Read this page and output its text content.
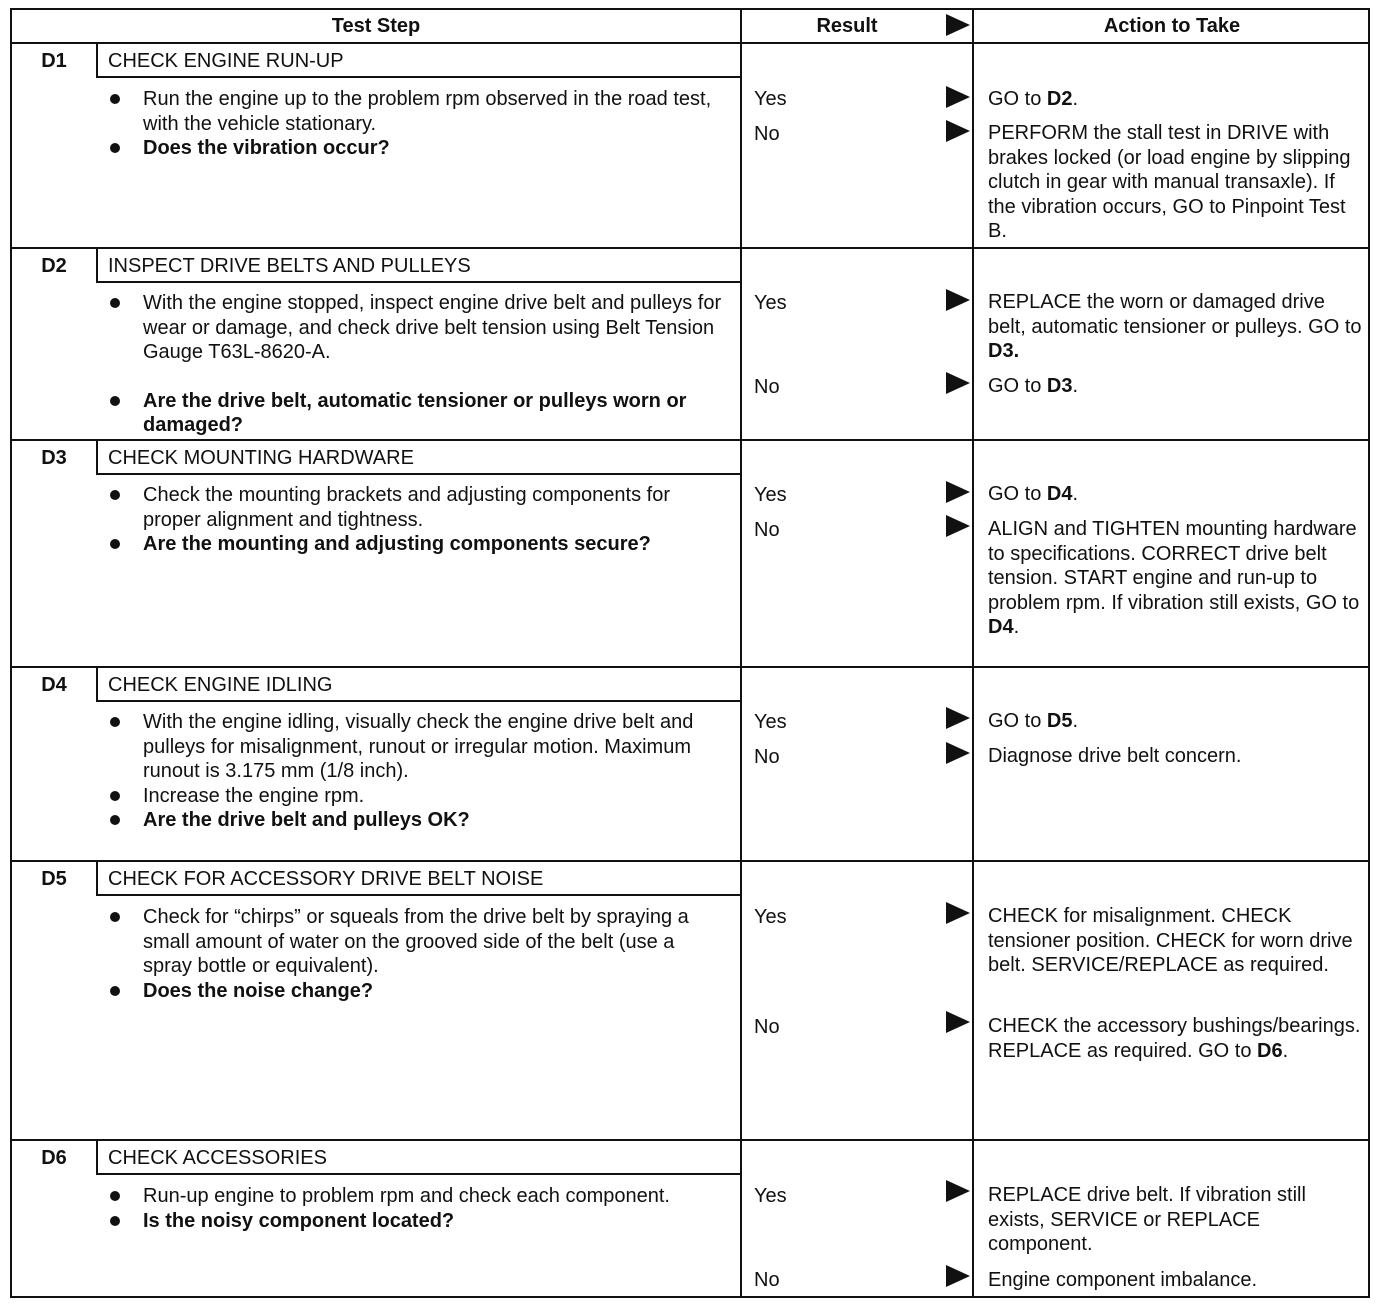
Test Step	Result	Action to Take
D1	CHECK ENGINE RUN-UP
Run the engine up to the problem rpm observed in the road test, with the vehicle stationary.
Does the vibration occur?
Yes	GO to D2.
No	PERFORM the stall test in DRIVE with brakes locked (or load engine by slipping clutch in gear with manual transaxle). If the vibration occurs, GO to Pinpoint Test B.
D2	INSPECT DRIVE BELTS AND PULLEYS
With the engine stopped, inspect engine drive belt and pulleys for wear or damage, and check drive belt tension using Belt Tension Gauge T63L-8620-A.
Are the drive belt, automatic tensioner or pulleys worn or damaged?
Yes	REPLACE the worn or damaged drive belt, automatic tensioner or pulleys. GO to D3.
No	GO to D3.
D3	CHECK MOUNTING HARDWARE
Check the mounting brackets and adjusting components for proper alignment and tightness.
Are the mounting and adjusting components secure?
Yes	GO to D4.
No	ALIGN and TIGHTEN mounting hardware to specifications. CORRECT drive belt tension. START engine and run-up to problem rpm. If vibration still exists, GO to D4.
D4	CHECK ENGINE IDLING
With the engine idling, visually check the engine drive belt and pulleys for misalignment, runout or irregular motion. Maximum runout is 3.175 mm (1/8 inch).
Increase the engine rpm.
Are the drive belt and pulleys OK?
Yes	GO to D5.
No	Diagnose drive belt concern.
D5	CHECK FOR ACCESSORY DRIVE BELT NOISE
Check for “chirps” or squeals from the drive belt by spraying a small amount of water on the grooved side of the belt (use a spray bottle or equivalent).
Does the noise change?
Yes	CHECK for misalignment. CHECK tensioner position. CHECK for worn drive belt. SERVICE/REPLACE as required.
No	CHECK the accessory bushings/bearings. REPLACE as required. GO to D6.
D6	CHECK ACCESSORIES
Run-up engine to problem rpm and check each component.
Is the noisy component located?
Yes	REPLACE drive belt. If vibration still exists, SERVICE or REPLACE component.
No	Engine component imbalance.
